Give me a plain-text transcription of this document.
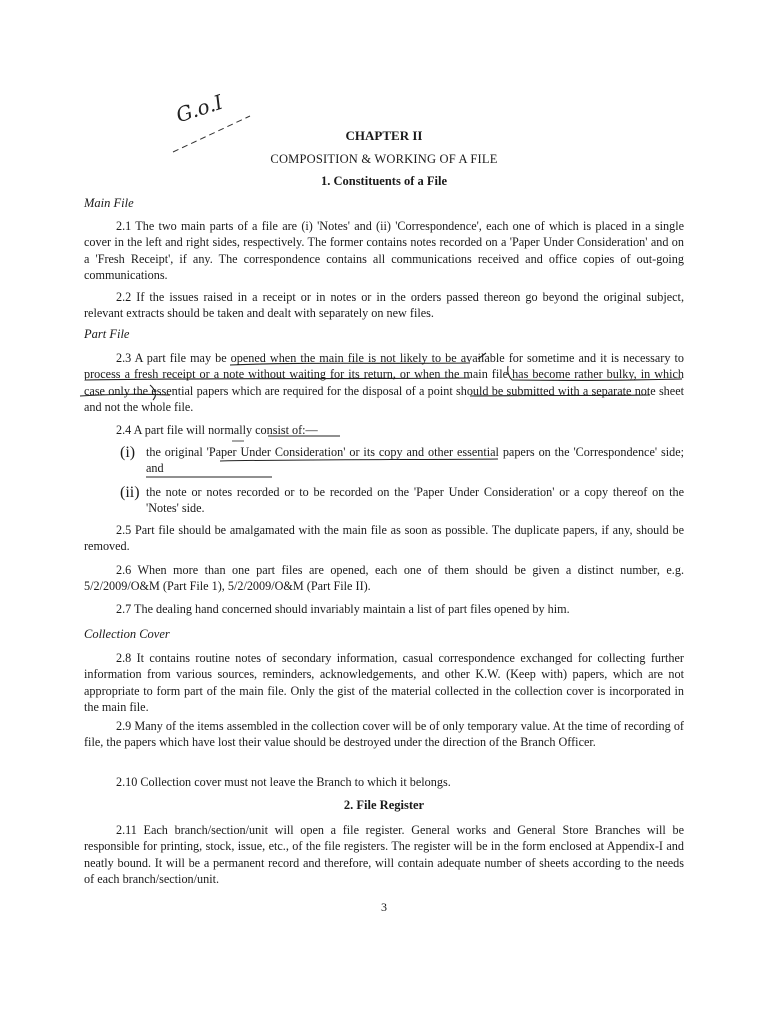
G.o.I
CHAPTER II
COMPOSITION & WORKING OF A FILE
1. Constituents of a File

Main File

2.1 The two main parts of a file are (i) 'Notes' and (ii) 'Correspondence', each one of which is placed in a single cover in the left and right sides, respectively. The former contains notes recorded on a 'Paper Under Consideration' and on a 'Fresh Receipt', if any. The correspondence contains all communications received and office copies of out-going communications.

2.2 If the issues raised in a receipt or in notes or in the orders passed thereon go beyond the original subject, relevant extracts should be taken and dealt with separately on new files.

Part File

2.3 A part file may be opened when the main file is not likely to be available for sometime and it is necessary to process a fresh receipt or a note without waiting for its return, or when the main file has become rather bulky, in which case only the essential papers which are required for the disposal of a point should be submitted with a separate note sheet and not the whole file.

2.4 A part file will normally consist of:—

(i) the original 'Paper Under Consideration' or its copy and other essential papers on the 'Correspondence' side; and

(ii) the note or notes recorded or to be recorded on the 'Paper Under Consideration' or a copy thereof on the 'Notes' side.

2.5 Part file should be amalgamated with the main file as soon as possible. The duplicate papers, if any, should be removed.

2.6 When more than one part files are opened, each one of them should be given a distinct number, e.g. 5/2/2009/O&M (Part File 1), 5/2/2009/O&M (Part File II).

2.7 The dealing hand concerned should invariably maintain a list of part files opened by him.

Collection Cover

2.8 It contains routine notes of secondary information, casual correspondence exchanged for collecting further information from various sources, reminders, acknowledgements, and other K.W. (Keep with) papers, which are not appropriate to form part of the main file. Only the gist of the material collected in the collection cover is incorporated in the main file.

2.9 Many of the items assembled in the collection cover will be of only temporary value. At the time of recording of file, the papers which have lost their value should be destroyed under the direction of the Branch Officer.

2.10 Collection cover must not leave the Branch to which it belongs.

2. File Register

2.11 Each branch/section/unit will open a file register. General works and General Store Branches will be responsible for printing, stock, issue, etc., of the file registers. The register will be in the form enclosed at Appendix-I and neatly bound. It will be a permanent record and therefore, will contain adequate number of sheets according to the needs of each branch/section/unit.

3
